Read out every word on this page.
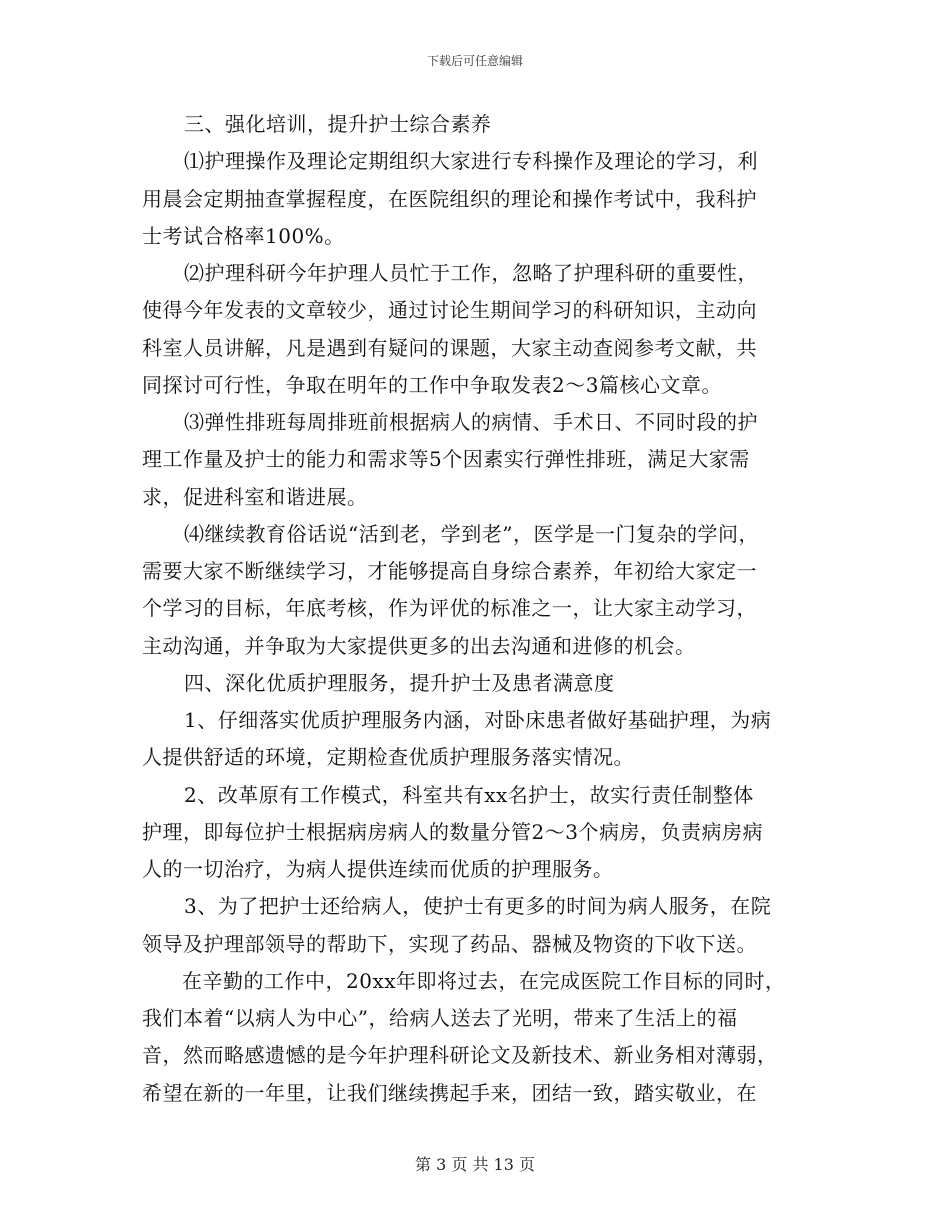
下载后可任意编辑
三、强化培训，提升护士综合素养
⑴护理操作及理论定期组织大家进行专科操作及理论的学习，利
用晨会定期抽查掌握程度，在医院组织的理论和操作考试中，我科护
士考试合格率100%。
⑵护理科研今年护理人员忙于工作，忽略了护理科研的重要性，
使得今年发表的文章较少，通过讨论生期间学习的科研知识，主动向
科室人员讲解，凡是遇到有疑问的课题，大家主动查阅参考文献，共
同探讨可行性，争取在明年的工作中争取发表2～3篇核心文章。
⑶弹性排班每周排班前根据病人的病情、手术日、不同时段的护
理工作量及护士的能力和需求等5个因素实行弹性排班，满足大家需
求，促进科室和谐进展。
⑷继续教育俗话说“活到老，学到老”，医学是一门复杂的学问，
需要大家不断继续学习，才能够提高自身综合素养，年初给大家定一
个学习的目标，年底考核，作为评优的标准之一，让大家主动学习，
主动沟通，并争取为大家提供更多的出去沟通和进修的机会。
四、深化优质护理服务，提升护士及患者满意度
1、仔细落实优质护理服务内涵，对卧床患者做好基础护理，为病
人提供舒适的环境，定期检查优质护理服务落实情况。
2、改革原有工作模式，科室共有xx名护士，故实行责任制整体
护理，即每位护士根据病房病人的数量分管2～3个病房，负责病房病
人的一切治疗，为病人提供连续而优质的护理服务。
3、为了把护士还给病人，使护士有更多的时间为病人服务，在院
领导及护理部领导的帮助下，实现了药品、器械及物资的下收下送。
在辛勤的工作中，20xx年即将过去，在完成医院工作目标的同时，
我们本着“以病人为中心”，给病人送去了光明，带来了生活上的福
音，然而略感遗憾的是今年护理科研论文及新技术、新业务相对薄弱，
希望在新的一年里，让我们继续携起手来，团结一致，踏实敬业，在
第 3 页 共 13 页
